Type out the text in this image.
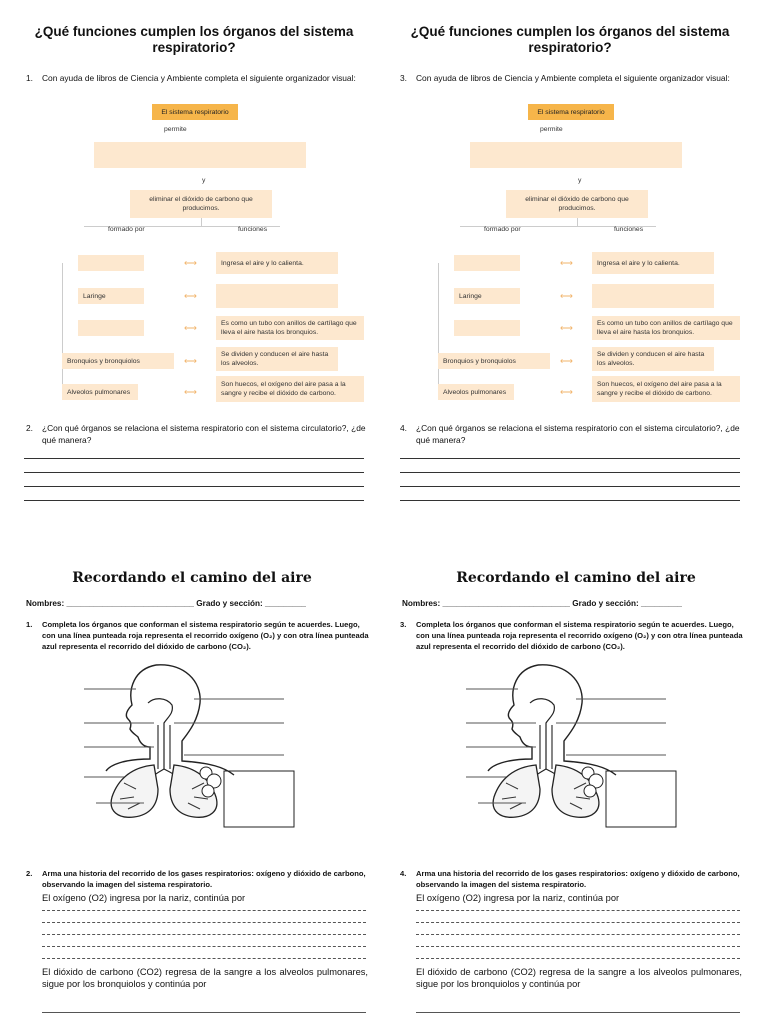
¿Qué funciones cumplen los órganos del sistema respiratorio?
1. Con ayuda de libros de Ciencia y Ambiente completa el siguiente organizador visual:
El sistema respiratorio
permite
y
eliminar el dióxido de carbono que producimos.
formado por	funciones
Laringe
Bronquios y bronquiolos
Alveolos pulmonares
⟷
⟷
⟷
⟷
⟷
Ingresa el aire y lo calienta.
Es como un tubo con anillos de cartílago que lleva el aire hasta los bronquios.
Se dividen y conducen el aire hasta los alveolos.
Son huecos, el oxígeno del aire pasa a la sangre y recibe el dióxido de carbono.
2. ¿Con qué órganos se relaciona el sistema respiratorio con el sistema circulatorio?, ¿de qué manera?
¿Qué funciones cumplen los órganos del sistema respiratorio?
3. Con ayuda de libros de Ciencia y Ambiente completa el siguiente organizador visual:
El sistema respiratorio
permite
y
eliminar el dióxido de carbono que producimos.
formado por	funciones
Laringe
Bronquios y bronquiolos
Alveolos pulmonares
⟷
⟷
⟷
⟷
⟷
Ingresa el aire y lo calienta.
Es como un tubo con anillos de cartílago que lleva el aire hasta los bronquios.
Se dividen y conducen el aire hasta los alveolos.
Son huecos, el oxígeno del aire pasa a la sangre y recibe el dióxido de carbono.
4. ¿Con qué órganos se relaciona el sistema respiratorio con el sistema circulatorio?, ¿de qué manera?
Recordando el camino del aire
Nombres: ____________________________ Grado y sección: _________
1. Completa los órganos que conforman el sistema respiratorio según te acuerdes. Luego, con una línea punteada roja representa el recorrido oxígeno (O₂) y con otra línea punteada azul representa el recorrido del dióxido de carbono (CO₂).
2. Arma una historia del recorrido de los gases respiratorios: oxígeno y dióxido de carbono, observando la imagen del sistema respiratorio.
El oxígeno (O2) ingresa por la nariz, continúa por
El dióxido de carbono (CO2) regresa de la sangre a los alveolos pulmonares, sigue por los bronquiolos y continúa por
Recordando el camino del aire
Nombres: ____________________________ Grado y sección: _________
3. Completa los órganos que conforman el sistema respiratorio según te acuerdes. Luego, con una línea punteada roja representa el recorrido oxígeno (O₂) y con otra línea punteada azul representa el recorrido del dióxido de carbono (CO₂).
4. Arma una historia del recorrido de los gases respiratorios: oxígeno y dióxido de carbono, observando la imagen del sistema respiratorio.
El oxígeno (O2) ingresa por la nariz, continúa por
El dióxido de carbono (CO2) regresa de la sangre a los alveolos pulmonares, sigue por los bronquiolos y continúa por
